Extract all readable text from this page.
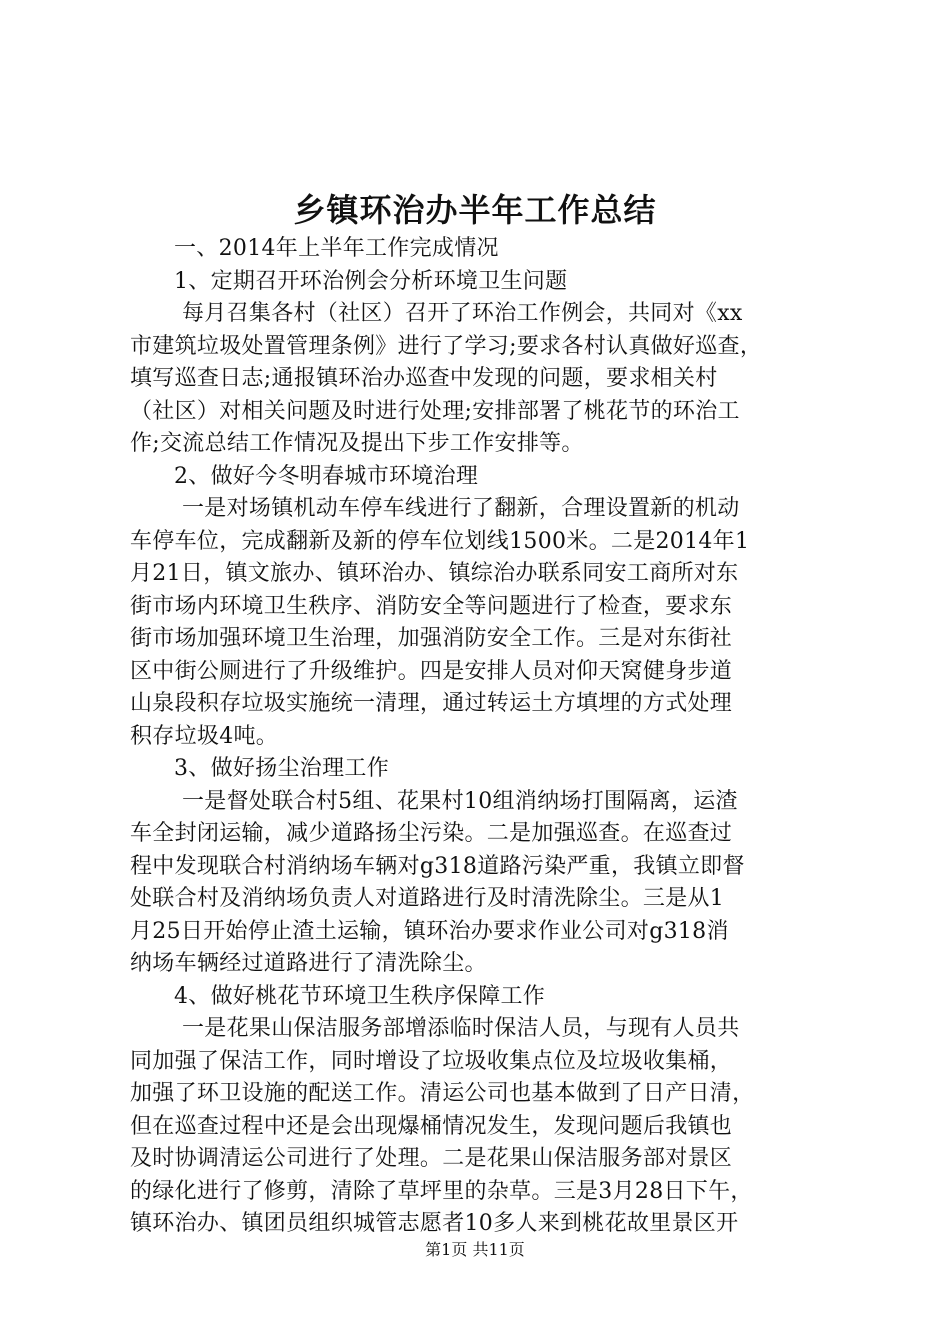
乡镇环治办半年工作总结
一、2014年上半年工作完成情况
1、定期召开环治例会分析环境卫生问题
每月召集各村（社区）召开了环治工作例会，共同对《xx
市建筑垃圾处置管理条例》进行了学习;要求各村认真做好巡查，
填写巡查日志;通报镇环治办巡查中发现的问题，要求相关村
（社区）对相关问题及时进行处理;安排部署了桃花节的环治工
作;交流总结工作情况及提出下步工作安排等。
2、做好今冬明春城市环境治理
一是对场镇机动车停车线进行了翻新，合理设置新的机动
车停车位，完成翻新及新的停车位划线1500米。二是2014年1
月21日，镇文旅办、镇环治办、镇综治办联系同安工商所对东
街市场内环境卫生秩序、消防安全等问题进行了检查，要求东
街市场加强环境卫生治理，加强消防安全工作。三是对东街社
区中街公厕进行了升级维护。四是安排人员对仰天窝健身步道
山泉段积存垃圾实施统一清理，通过转运土方填埋的方式处理
积存垃圾4吨。
3、做好扬尘治理工作
一是督处联合村5组、花果村10组消纳场打围隔离，运渣
车全封闭运输，减少道路扬尘污染。二是加强巡查。在巡查过
程中发现联合村消纳场车辆对g318道路污染严重，我镇立即督
处联合村及消纳场负责人对道路进行及时清洗除尘。三是从1
月25日开始停止渣土运输，镇环治办要求作业公司对g318消
纳场车辆经过道路进行了清洗除尘。
4、做好桃花节环境卫生秩序保障工作
一是花果山保洁服务部增添临时保洁人员，与现有人员共
同加强了保洁工作，同时增设了垃圾收集点位及垃圾收集桶，
加强了环卫设施的配送工作。清运公司也基本做到了日产日清，
但在巡查过程中还是会出现爆桶情况发生，发现问题后我镇也
及时协调清运公司进行了处理。二是花果山保洁服务部对景区
的绿化进行了修剪，清除了草坪里的杂草。三是3月28日下午，
镇环治办、镇团员组织城管志愿者10多人来到桃花故里景区开
第1页 共11页
